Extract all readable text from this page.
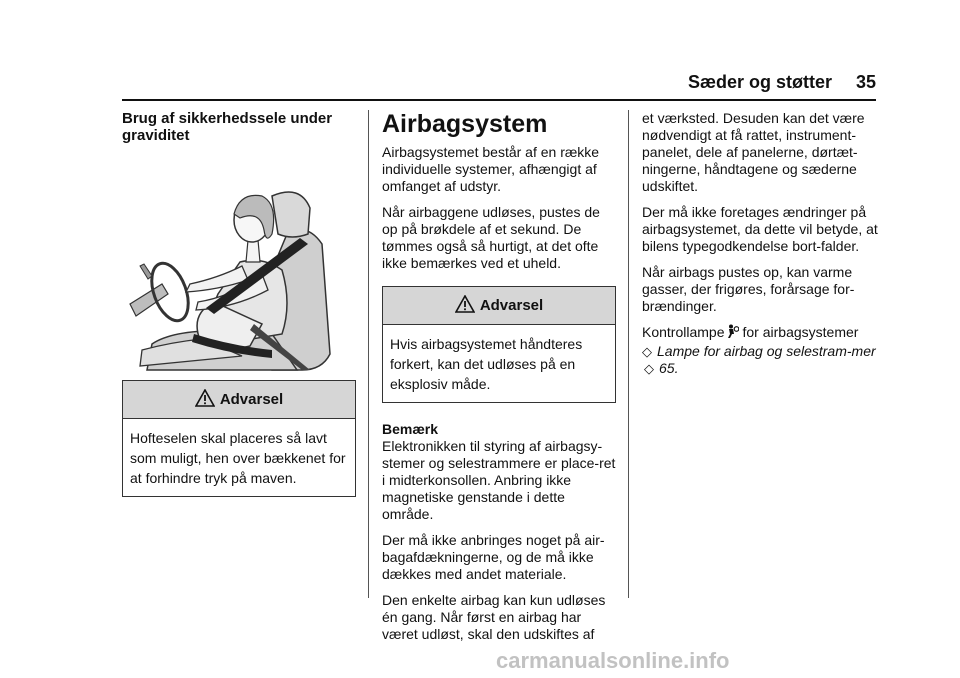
Sæder og støtter 35
Brug af sikkerhedssele under graviditet
Advarsel
Hofteselen skal placeres så lavt som muligt, hen over bækkenet for at forhindre tryk på maven.
Airbagsystem

Airbagsystemet består af en række individuelle systemer, afhængigt af omfanget af udstyr.

Når airbaggene udløses, pustes de op på brøkdele af et sekund. De tømmes også så hurtigt, at det ofte ikke bemærkes ved et uheld.

Advarsel
Hvis airbagsystemet håndteres forkert, kan det udløses på en eksplosiv måde.

Bemærk

Elektronikken til styring af airbagsy-stemer og selestrammere er place-ret i midterkonsollen. Anbring ikke magnetiske genstande i dette område.

Der må ikke anbringes noget på air-bagafdækningerne, og de må ikke dækkes med andet materiale.

Den enkelte airbag kan kun udløses én gang. Når først en airbag har været udløst, skal den udskiftes af

et værksted. Desuden kan det være nødvendigt at få rattet, instrument-panelet, dele af panelerne, dørtæt-ningerne, håndtagene og sæderne udskiftet.

Der må ikke foretages ændringer på airbagsystemet, da dette vil betyde, at bilens typegodkendelse bort-falder.

Når airbags pustes op, kan varme gasser, der frigøres, forårsage for-brændinger.

Kontrollampe for airbagsystemer
◇ Lampe for airbag og selestram-mer ◇ 65.

carmanualsonline.info
